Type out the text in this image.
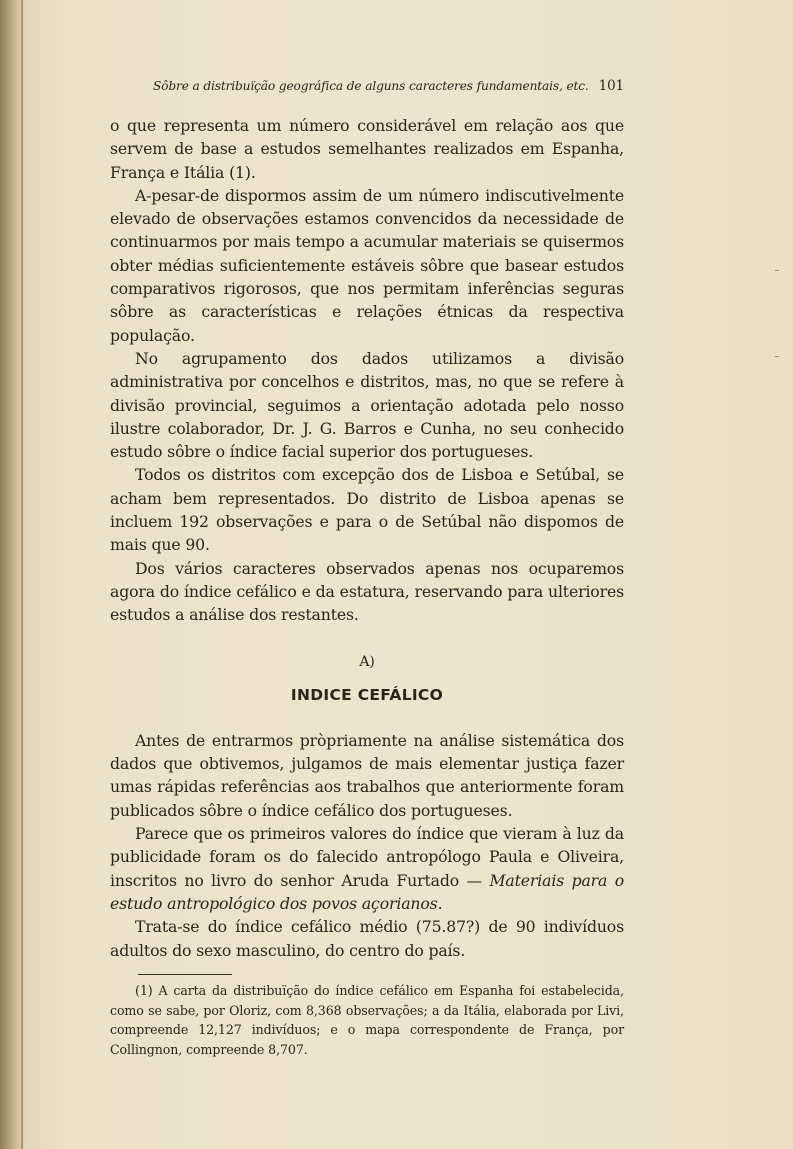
Sôbre a distribuïção geográfica de alguns caracteres fundamentais, etc. 101

o que representa um número considerável em relação aos que servem de base a estudos semelhantes realizados em Espanha, França e Itália (1).

A-pesar-de dispormos assim de um número indiscutivelmente elevado de observações estamos convencidos da necessidade de continuarmos por mais tempo a acumular materiais se quisermos obter médias suficientemente estáveis sôbre que basear estudos comparativos rigorosos, que nos permitam inferências seguras sôbre as características e relações étnicas da respectiva população.

No agrupamento dos dados utilizamos a divisão administrativa por concelhos e distritos, mas, no que se refere à divisão provincial, seguimos a orientação adotada pelo nosso ilustre colaborador, Dr. J. G. Barros e Cunha, no seu conhecido estudo sôbre o índice facial superior dos portugueses.

Todos os distritos com excepção dos de Lisboa e Setúbal, se acham bem representados. Do distrito de Lisboa apenas se incluem 192 observações e para o de Setúbal não dispomos de mais que 90.

Dos vários caracteres observados apenas nos ocuparemos agora do índice cefálico e da estatura, reservando para ulteriores estudos a análise dos restantes.

A)
INDICE CEFÁLICO

Antes de entrarmos pròpriamente na análise sistemática dos dados que obtivemos, julgamos de mais elementar justiça fazer umas rápidas referências aos trabalhos que anteriormente foram publicados sôbre o índice cefálico dos portugueses.

Parece que os primeiros valores do índice que vieram à luz da publicidade foram os do falecido antropólogo Paula e Oliveira, inscritos no livro do senhor Aruda Furtado — Materiais para o estudo antropológico dos povos açorianos.

Trata-se do índice cefálico médio (75.87?) de 90 indivíduos adultos do sexo masculino, do centro do país.

(1) A carta da distribuïção do índice cefálico em Espanha foi estabelecida, como se sabe, por Oloriz, com 8,368 observações; a da Itália, elaborada por Livi, compreende 12,127 indivíduos; e o mapa correspondente de França, por Collingnon, compreende 8,707.
